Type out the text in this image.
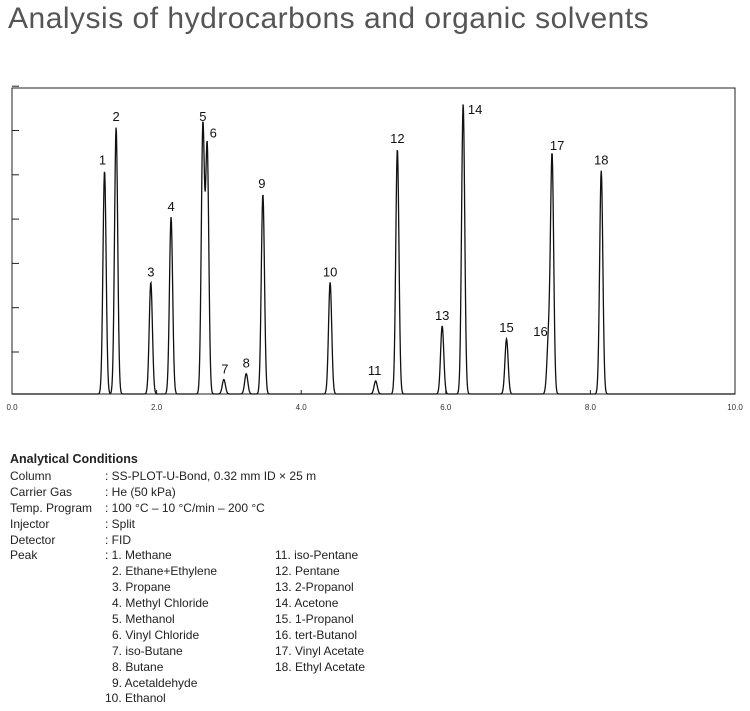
Analysis of hydrocarbons and organic solvents
1
2
3
4
5
6
7 8
9
10
11
12
13
14
15 16
17
18
0.0	2.0	4.0	6.0	8.0	10.0
Analytical Conditions
Column	: SS-PLOT-U-Bond, 0.32 mm ID × 25 m
Carrier Gas	: He (50 kPa)
Temp. Program	: 100 °C – 10 °C/min – 200 °C
Injector	: Split
Detector	: FID
Peak	: 1. Methane
2. Ethane+Ethylene
3. Propane
4. Methyl Chloride
5. Methanol
6. Vinyl Chloride
7. iso-Butane
8. Butane
9. Acetaldehyde
10. Ethanol
11. iso-Pentane
12. Pentane
13. 2-Propanol
14. Acetone
15. 1-Propanol
16. tert-Butanol
17. Vinyl Acetate
18. Ethyl Acetate
